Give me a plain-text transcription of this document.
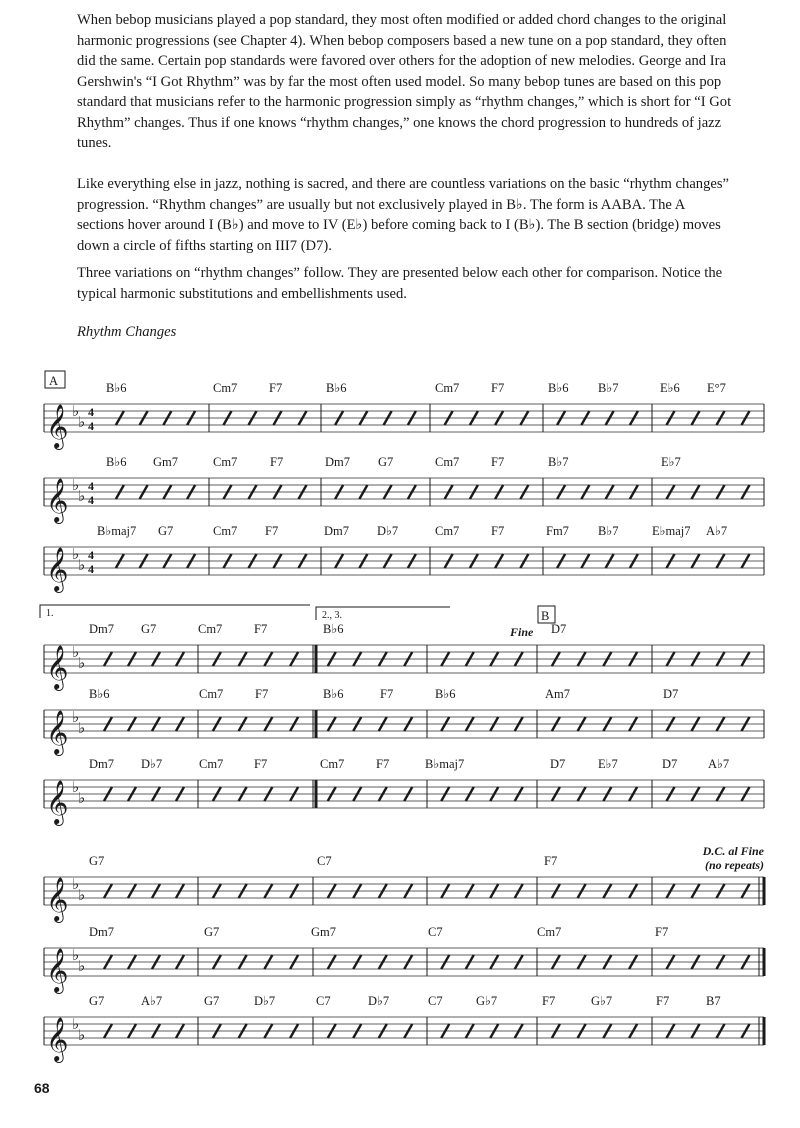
When bebop musicians played a pop standard, they most often modified or added chord changes to the original harmonic progressions (see Chapter 4). When bebop composers based a new tune on a pop standard, they often did the same. Certain pop standards were favored over others for the adoption of new melodies. George and Ira Gershwin's “I Got Rhythm” was by far the most often used model. So many bebop tunes are based on this pop standard that musicians refer to the harmonic progression simply as “rhythm changes,” which is short for “I Got Rhythm” changes. Thus if one knows “rhythm changes,” one knows the chord progression to hundreds of jazz tunes.

Like everything else in jazz, nothing is sacred, and there are countless variations on the basic “rhythm changes” progression. “Rhythm changes” are usually but not exclusively played in B♭. The form is AABA. The A sections hover around I (B♭) and move to IV (E♭) before coming back to I (B♭). The B section (bridge) moves down a circle of fifths starting on III7 (D7).

Three variations on “rhythm changes” follow. They are presented below each other for comparison. Notice the typical harmonic substitutions and embellishments used.

Rhythm Changes
𝄞 ♭
♭
4
4
B♭6	Cm7	F7	B♭6	Cm7	F7	B♭6 B♭7	E♭6 E°7
𝄞 ♭
♭
4
4
B♭6 Gm7	Cm7	F7	Dm7 G7	Cm7	F7	B♭7	E♭7
𝄞 ♭
♭
4
4
B♭maj7 G7	Cm7 F7	Dm7 D♭7	Cm7	F7	Fm7 B♭7	E♭maj7 A♭7
𝄞 ♭
♭
Dm7 G7	Cm7	F7	B♭6	D7
𝄞 ♭
♭
B♭6	Cm7	F7	B♭6	F7	B♭6	Am7	D7
𝄞 ♭
♭
Dm7 D♭7	Cm7 F7	Cm7	F7	B♭maj7	D7	E♭7	D7 A♭7
𝄞 ♭
♭
G7	C7	F7
𝄞 ♭
♭
Dm7	G7	Gm7	C7	Cm7	F7
𝄞 ♭
♭
G7	A♭7	G7	D♭7	C7	D♭7	C7	G♭7	F7	G♭7	F7	B7
A
1.	2., 3.	B
Fine
D.C. al Fine
(no repeats)
68
